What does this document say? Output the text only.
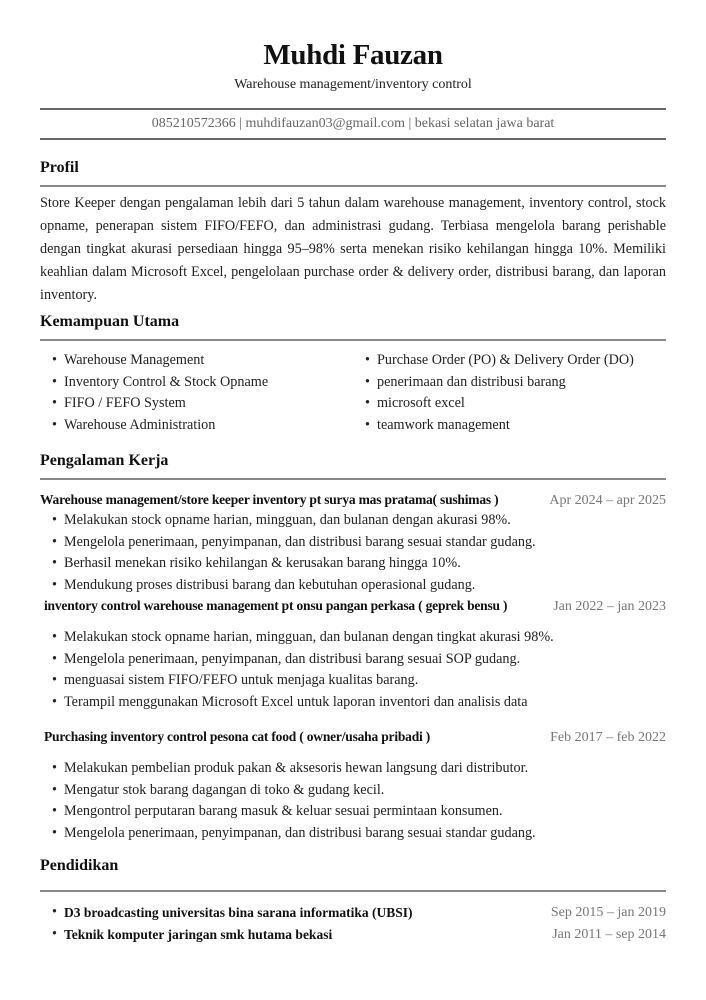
Muhdi Fauzan
Warehouse management/inventory control
085210572366 | muhdifauzan03@gmail.com | bekasi selatan jawa barat
Profil
Store Keeper dengan pengalaman lebih dari 5 tahun dalam warehouse management, inventory control, stock opname, penerapan sistem FIFO/FEFO, dan administrasi gudang. Terbiasa mengelola barang perishable dengan tingkat akurasi persediaan hingga 95–98% serta menekan risiko kehilangan hingga 10%. Memiliki keahlian dalam Microsoft Excel, pengelolaan purchase order & delivery order, distribusi barang, dan laporan inventory.
Kemampuan Utama
• Warehouse Management
• Inventory Control & Stock Opname
• FIFO / FEFO System
• Warehouse Administration
• Purchase Order (PO) & Delivery Order (DO)
• penerimaan dan distribusi barang
• microsoft excel
• teamwork management
Pengalaman Kerja
Warehouse management/store keeper inventory pt surya mas pratama( sushimas )	Apr 2024 – apr 2025
• Melakukan stock opname harian, mingguan, dan bulanan dengan akurasi 98%.
• Mengelola penerimaan, penyimpanan, dan distribusi barang sesuai standar gudang.
• Berhasil menekan risiko kehilangan & kerusakan barang hingga 10%.
• Mendukung proses distribusi barang dan kebutuhan operasional gudang.
inventory control warehouse management pt onsu pangan perkasa ( geprek bensu )	Jan 2022 – jan 2023
• Melakukan stock opname harian, mingguan, dan bulanan dengan tingkat akurasi 98%.
• Mengelola penerimaan, penyimpanan, dan distribusi barang sesuai SOP gudang.
• menguasai sistem FIFO/FEFO untuk menjaga kualitas barang.
• Terampil menggunakan Microsoft Excel untuk laporan inventori dan analisis data
Purchasing inventory control pesona cat food ( owner/usaha pribadi )	Feb 2017 – feb 2022
• Melakukan pembelian produk pakan & aksesoris hewan langsung dari distributor.
• Mengatur stok barang dagangan di toko & gudang kecil.
• Mengontrol perputaran barang masuk & keluar sesuai permintaan konsumen.
• Mengelola penerimaan, penyimpanan, dan distribusi barang sesuai standar gudang.
Pendidikan
• D3 broadcasting universitas bina sarana informatika (UBSI)	Sep 2015 – jan 2019
• Teknik komputer jaringan smk hutama bekasi	Jan 2011 – sep 2014
